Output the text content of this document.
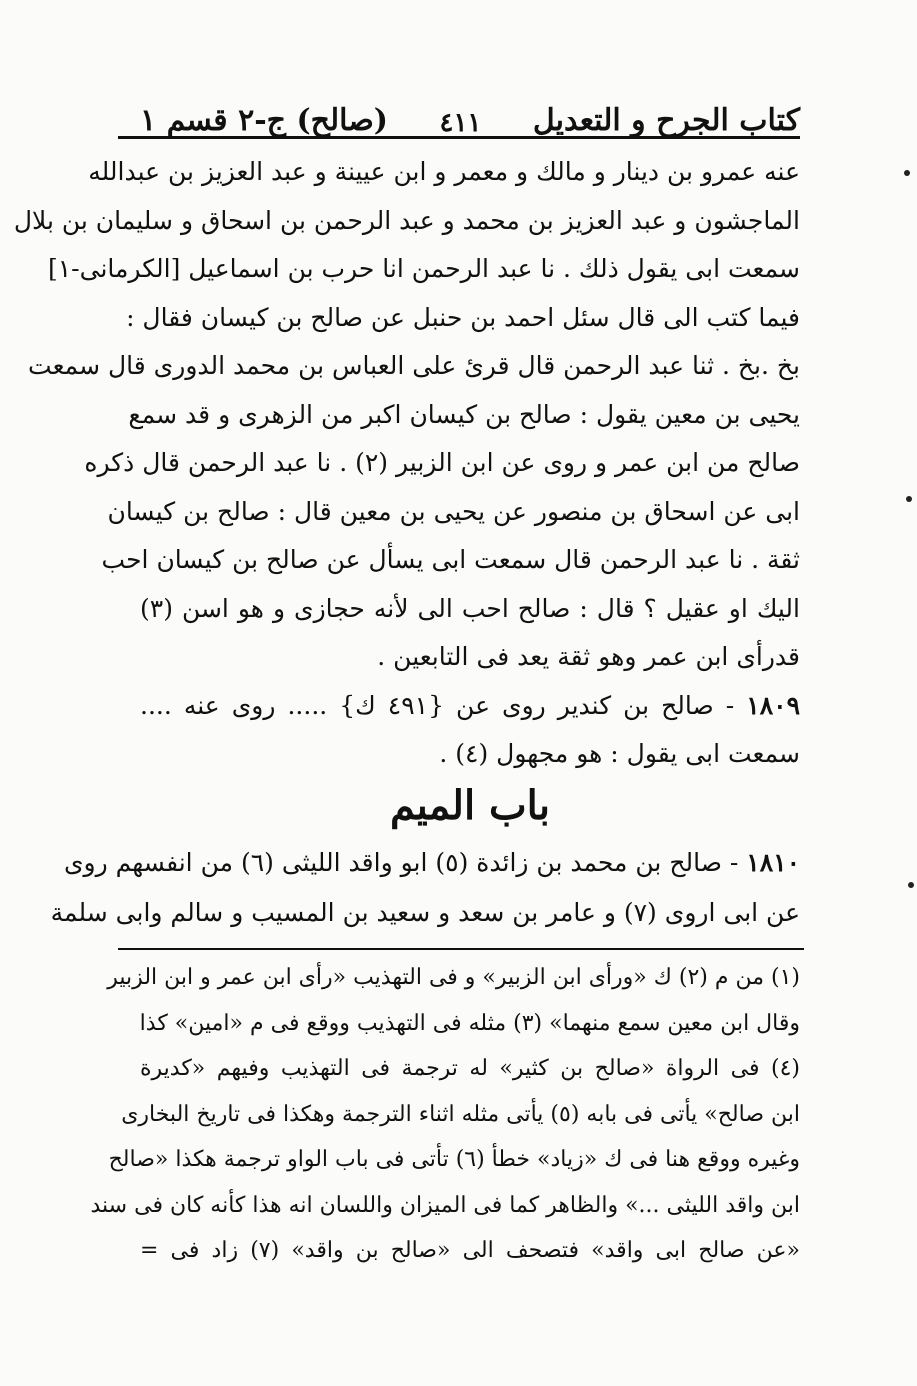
(صالح) ج-٢ قسم ١ ٤١١ كتاب الجرح و التعديل
عنه عمرو بن دينار و مالك و معمر و ابن عيينة و عبد العزيز بن عبدالله
الماجشون و عبد العزيز بن محمد و عبد الرحمن بن اسحاق و سليمان بن بلال
سمعت ابى يقول ذلك . نا عبد الرحمن انا حرب بن اسماعيل [الكرمانى-١]
فيما كتب الى قال سئل احمد بن حنبل عن صالح بن كيسان فقال :
بخ .بخ . ثنا عبد الرحمن قال قرئ على العباس بن محمد الدورى قال سمعت
يحيى بن معين يقول : صالح بن كيسان اكبر من الزهرى و قد سمع
صالح من ابن عمر و روى عن ابن الزبير (٢) . نا عبد الرحمن قال ذكره
ابى عن اسحاق بن منصور عن يحيى بن معين قال : صالح بن كيسان
ثقة . نا عبد الرحمن قال سمعت ابى يسأل عن صالح بن كيسان احب
اليك او عقيل ؟ قال : صالح احب الى لأنه حجازى و هو اسن (٣)
قدرأى ابن عمر وهو ثقة يعد فى التابعين .
١٨٠٩ - صالح بن كندير روى عن {٤٩١ ك} ..... روى عنه ....
سمعت ابى يقول : هو مجهول (٤) .
باب الميم
١٨١٠ - صالح بن محمد بن زائدة (٥) ابو واقد الليثى (٦) من انفسهم روى
عن ابى اروى (٧) و عامر بن سعد و سعيد بن المسيب و سالم وابى سلمة
(١) من م (٢) ك «ورأى ابن الزبير» و فى التهذيب «رأى ابن عمر و ابن الزبير
وقال ابن معين سمع منهما» (٣) مثله فى التهذيب ووقع فى م «امين» كذا
(٤) فى الرواة «صالح بن كثير» له ترجمة فى التهذيب وفيهم «كديرة
ابن صالح» يأتى فى بابه (٥) يأتى مثله اثناء الترجمة وهكذا فى تاريخ البخارى
وغيره ووقع هنا فى ك «زياد» خطأ (٦) تأتى فى باب الواو ترجمة هكذا «صالح
ابن واقد الليثى ...» والظاهر كما فى الميزان واللسان انه هذا كأنه كان فى سند
«عن صالح ابى واقد» فتصحف الى «صالح بن واقد» (٧) زاد فى =
